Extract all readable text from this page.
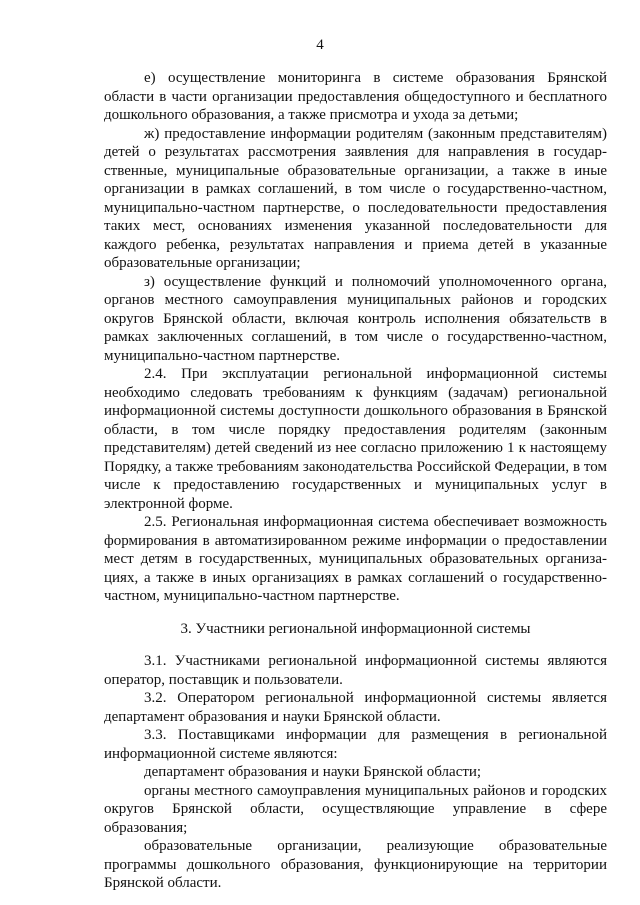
4

е) осуществление мониторинга в системе образования Брянской области в части организации предоставления общедоступного и бесплатного дошкольного образования, а также присмотра и ухода за детьми;

ж) предоставление информации родителям (законным представителям) детей о результатах рассмотрения заявления для направления в государственные, муниципальные образовательные организации, а также в иные организации в рамках соглашений, в том числе о государственно-частном, муниципально-частном партнерстве, о последовательности предоставления таких мест, основаниях изменения указанной последовательности для каждого ребенка, результатах направления и приема детей в указанные образовательные организации;

з) осуществление функций и полномочий уполномоченного органа, органов местного самоуправления муниципальных районов и городских округов Брянской области, включая контроль исполнения обязательств в рамках заключенных соглашений, в том числе о государственно-частном, муниципально-частном партнерстве.

2.4. При эксплуатации региональной информационной системы необходимо следовать требованиям к функциям (задачам) региональной информационной системы доступности дошкольного образования в Брянской области, в том числе порядку предоставления родителям (законным представителям) детей сведений из нее согласно приложению 1 к настоящему Порядку, а также требованиям законодательства Российской Федерации, в том числе к предоставлению государственных и муниципальных услуг в электронной форме.

2.5. Региональная информационная система обеспечивает возможность формирования в автоматизированном режиме информации о предоставлении мест детям в государственных, муниципальных образовательных организациях, а также в иных организациях в рамках соглашений о государственно-частном, муниципально-частном партнерстве.

3. Участники региональной информационной системы

3.1. Участниками региональной информационной системы являются оператор, поставщик и пользователи.

3.2. Оператором региональной информационной системы является департамент образования и науки Брянской области.

3.3. Поставщиками информации для размещения в региональной информационной системе являются:

департамент образования и науки Брянской области;

органы местного самоуправления муниципальных районов и городских округов Брянской области, осуществляющие управление в сфере образования;

образовательные организации, реализующие образовательные программы дошкольного образования, функционирующие на территории Брянской области.
